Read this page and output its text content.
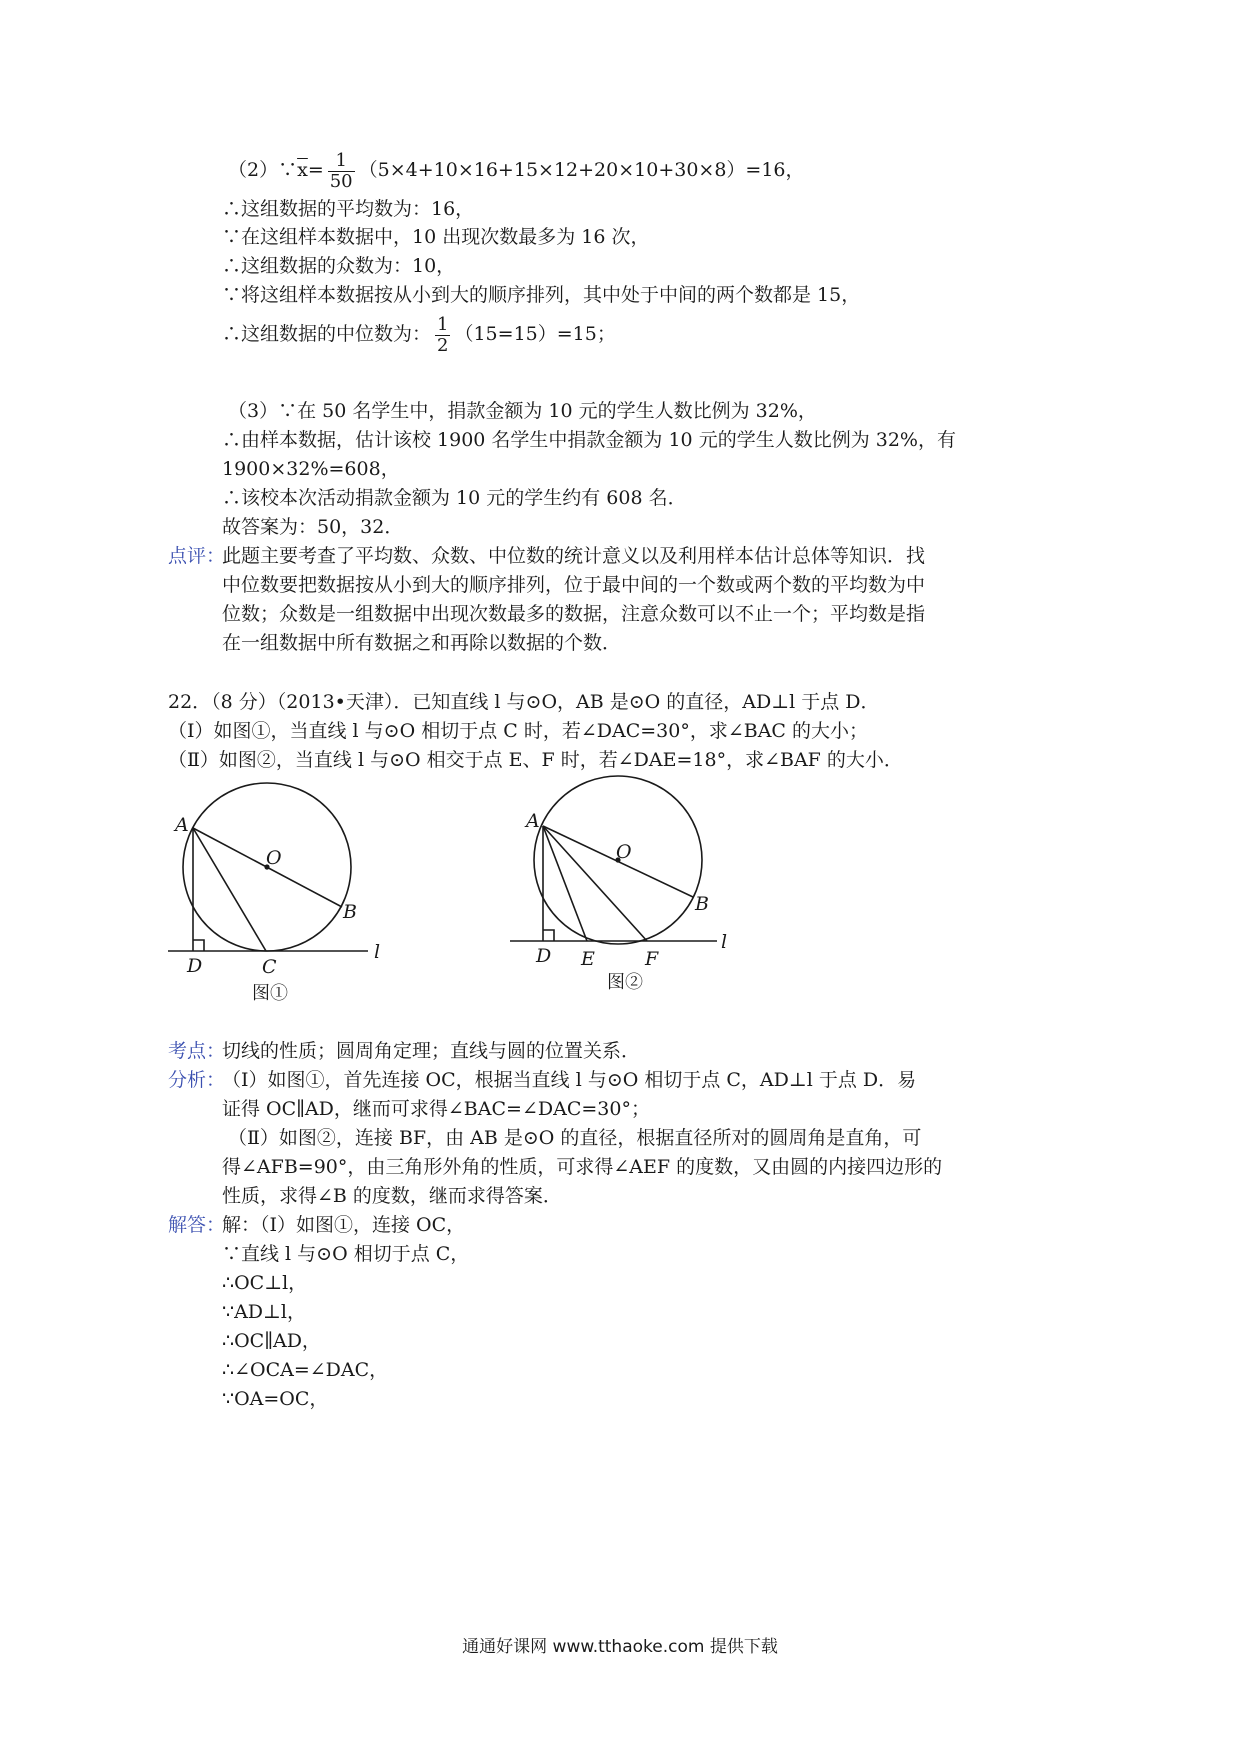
$(2)\because\overline{x}= \frac{1}{50} (5\times 4+10\times 16+15\times 12+20\times 10+30\times 8)=16$，
∴这组数据的平均数为：16，
∵在这组样本数据中，10 出现次数最多为 16 次，
∴这组数据的众数为：10，
∵将这组样本数据按从小到大的顺序排列，其中处于中间的两个数都是 15，
∴这组数据的中位数为： $\frac{1}{2} (15=15)=15$；
（3）∵在 50 名学生中，捐款金额为 10 元的学生人数比例为 32%，
∴由样本数据，估计该校 1900 名学生中捐款金额为 10 元的学生人数比例为 32%，有
1900×32%=608，
∴该校本次活动捐款金额为 10 元的学生约有 608 名．
故答案为：50，32．
点评：
此题主要考查了平均数、众数、中位数的统计意义以及利用样本估计总体等知识．找
中位数要把数据按从小到大的顺序排列，位于最中间的一个数或两个数的平均数为中
位数；众数是一组数据中出现次数最多的数据，注意众数可以不止一个；平均数是指
在一组数据中所有数据之和再除以数据的个数．
22．（8 分）（2013•天津）．已知直线 l 与⊙O，AB 是⊙O 的直径，AD⊥l 于点 D．
（Ⅰ）如图①，当直线 l 与⊙O 相切于点 C 时，若∠DAC=30°，求∠BAC 的大小；
（Ⅱ）如图②，当直线 l 与⊙O 相交于点 E、F 时，若∠DAE=18°，求∠BAF 的大小．
A
O
B
D	C
l
图①
A
O
B
D E	F
l
图②
考点：
切线的性质；圆周角定理；直线与圆的位置关系．
分析：
（Ⅰ）如图①，首先连接 OC，根据当直线 l 与⊙O 相切于点 C，AD⊥l 于点 D．易
证得 OC∥AD，继而可求得∠BAC=∠DAC=30°；
（Ⅱ）如图②，连接 BF，由 AB 是⊙O 的直径，根据直径所对的圆周角是直角，可
得∠AFB=90°，由三角形外角的性质，可求得∠AEF 的度数，又由圆的内接四边形的
性质，求得∠B 的度数，继而求得答案．
解答：
解：（Ⅰ）如图①，连接 OC，
∵直线 l 与⊙O 相切于点 C，
∴OC⊥l，
∵AD⊥l，
∴OC∥AD，
∴∠OCA=∠DAC，
∵OA=OC，
通通好课网 www.tthaoke.com 提供下载
